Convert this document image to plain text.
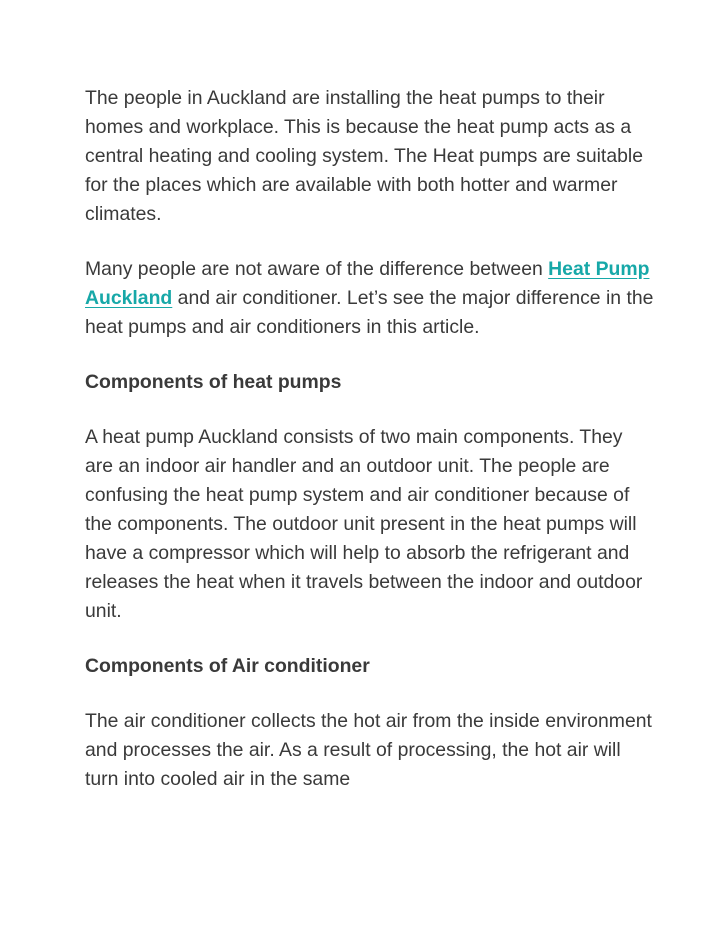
The people in Auckland are installing the heat pumps to their homes and workplace. This is because the heat pump acts as a central heating and cooling system. The Heat pumps are suitable for the places which are available with both hotter and warmer climates.

Many people are not aware of the difference between Heat Pump Auckland and air conditioner. Let’s see the major difference in the heat pumps and air conditioners in this article.

Components of heat pumps

A heat pump Auckland consists of two main components. They are an indoor air handler and an outdoor unit. The people are confusing the heat pump system and air conditioner because of the components. The outdoor unit present in the heat pumps will have a compressor which will help to absorb the refrigerant and releases the heat when it travels between the indoor and outdoor unit.

Components of Air conditioner

The air conditioner collects the hot air from the inside environment and processes the air. As a result of processing, the hot air will turn into cooled air in the same
